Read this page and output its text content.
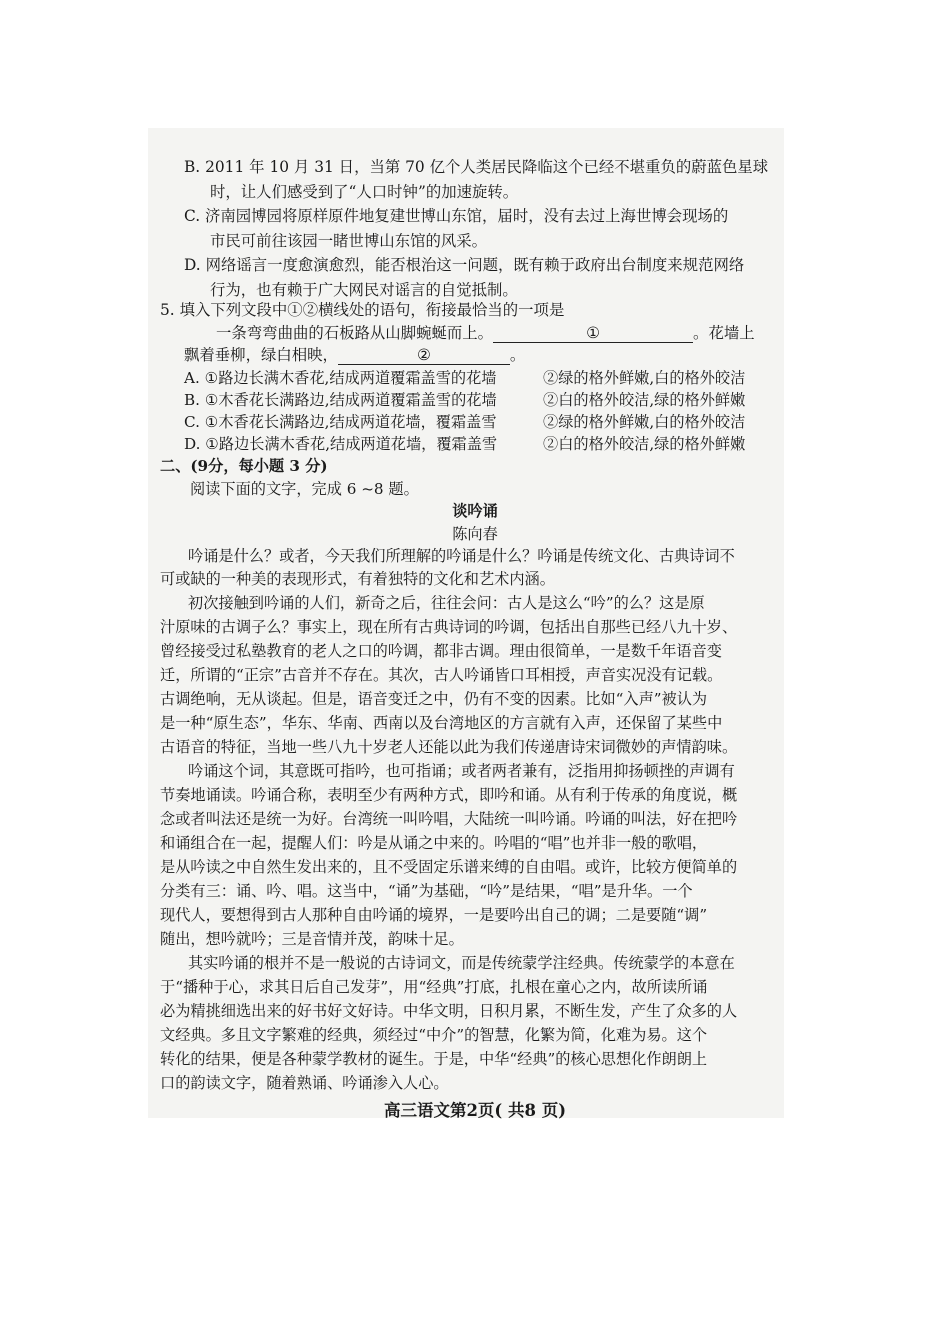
B. 2011 年 10 月 31 日，当第 70 亿个人类居民降临这个已经不堪重负的蔚蓝色星球
时，让人们感受到了“人口时钟”的加速旋转。
C. 济南园博园将原样原件地复建世博山东馆，届时，没有去过上海世博会现场的
市民可前往该园一睹世博山东馆的风采。
D. 网络谣言一度愈演愈烈，能否根治这一问题，既有赖于政府出台制度来规范网络
行为，也有赖于广大网民对谣言的自觉抵制。
5. 填入下列文段中①②横线处的语句，衔接最恰当的一项是
一条弯弯曲曲的石板路从山脚蜿蜒而上。	①	。花墙上
飘着垂柳，绿白相映，	②	。
A. ①路边长满木香花,结成两道覆霜盖雪的花墙	②绿的格外鲜嫩,白的格外皎洁
B. ①木香花长满路边,结成两道覆霜盖雪的花墙	②白的格外皎洁,绿的格外鲜嫩
C. ①木香花长满路边,结成两道花墙，覆霜盖雪	②绿的格外鲜嫩,白的格外皎洁
D. ①路边长满木香花,结成两道花墙，覆霜盖雪	②白的格外皎洁,绿的格外鲜嫩
二、(9分，每小题 3 分)
阅读下面的文字，完成 6 ~8 题。
谈吟诵
陈向春
吟诵是什么？或者，今天我们所理解的吟诵是什么？吟诵是传统文化、古典诗词不
可或缺的一种美的表现形式，有着独特的文化和艺术内涵。
初次接触到吟诵的人们，新奇之后，往往会问：古人是这么“吟”的么？这是原
汁原味的古调子么？事实上，现在所有古典诗词的吟调，包括出自那些已经八九十岁、
曾经接受过私塾教育的老人之口的吟调，都非古调。理由很简单，一是数千年语音变
迁，所谓的“正宗”古音并不存在。其次，古人吟诵皆口耳相授，声音实况没有记载。
古调绝响，无从谈起。但是，语音变迁之中，仍有不变的因素。比如“入声”被认为
是一种“原生态”，华东、华南、西南以及台湾地区的方言就有入声，还保留了某些中
古语音的特征，当地一些八九十岁老人还能以此为我们传递唐诗宋词微妙的声情韵味。
吟诵这个词，其意既可指吟，也可指诵；或者两者兼有，泛指用抑扬顿挫的声调有
节奏地诵读。吟诵合称，表明至少有两种方式，即吟和诵。从有利于传承的角度说，概
念或者叫法还是统一为好。台湾统一叫吟唱，大陆统一叫吟诵。吟诵的叫法，好在把吟
和诵组合在一起，提醒人们：吟是从诵之中来的。吟唱的“唱”也并非一般的歌唱，
是从吟读之中自然生发出来的，且不受固定乐谱来缚的自由唱。或许，比较方便简单的
分类有三：诵、吟、唱。这当中，“诵”为基础，“吟”是结果，“唱”是升华。一个
现代人，要想得到古人那种自由吟诵的境界，一是要吟出自己的调；二是要随“调”
随出，想吟就吟；三是音情并茂，韵味十足。
其实吟诵的根并不是一般说的古诗词文，而是传统蒙学注经典。传统蒙学的本意在
于“播种于心，求其日后自己发芽”，用“经典”打底，扎根在童心之内，故所读所诵
必为精挑细选出来的好书好文好诗。中华文明，日积月累，不断生发，产生了众多的人
文经典。多且文字繁难的经典，须经过“中介”的智慧，化繁为简，化难为易。这个
转化的结果，便是各种蒙学教材的诞生。于是，中华“经典”的核心思想化作朗朗上
口的韵读文字，随着熟诵、吟诵渗入人心。
高三语文第2页( 共8 页)
